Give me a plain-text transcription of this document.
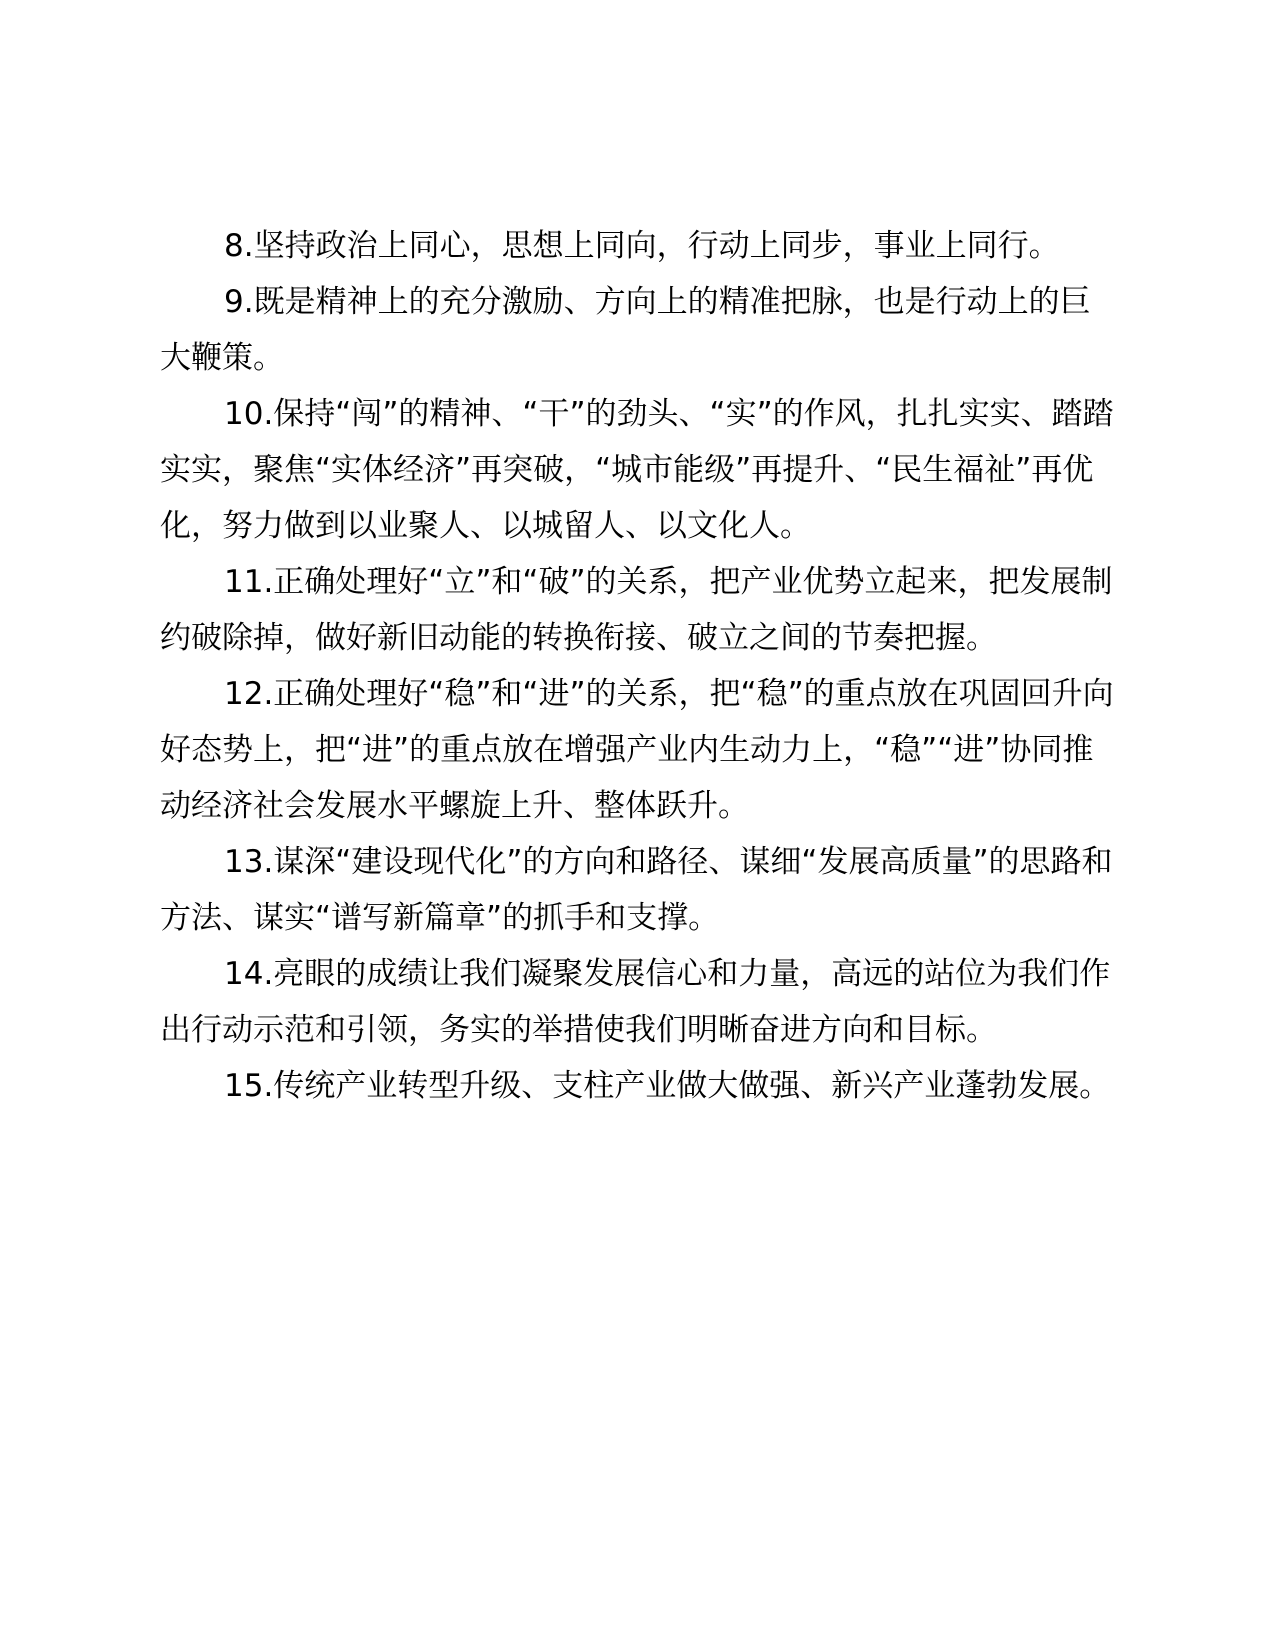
8.坚持政治上同心，思想上同向，行动上同步，事业上同行。

9.既是精神上的充分激励、方向上的精准把脉，也是行动上的巨大鞭策。

10.保持“闯”的精神、“干”的劲头、“实”的作风，扎扎实实、踏踏实实，聚焦“实体经济”再突破，“城市能级”再提升、“民生福祉”再优化，努力做到以业聚人、以城留人、以文化人。

11.正确处理好“立”和“破”的关系，把产业优势立起来，把发展制约破除掉，做好新旧动能的转换衔接、破立之间的节奏把握。

12.正确处理好“稳”和“进”的关系，把“稳”的重点放在巩固回升向好态势上，把“进”的重点放在增强产业内生动力上，“稳”“进”协同推动经济社会发展水平螺旋上升、整体跃升。

13.谋深“建设现代化”的方向和路径、谋细“发展高质量”的思路和方法、谋实“谱写新篇章”的抓手和支撑。

14.亮眼的成绩让我们凝聚发展信心和力量，高远的站位为我们作出行动示范和引领，务实的举措使我们明晰奋进方向和目标。

15.传统产业转型升级、支柱产业做大做强、新兴产业蓬勃发展。
